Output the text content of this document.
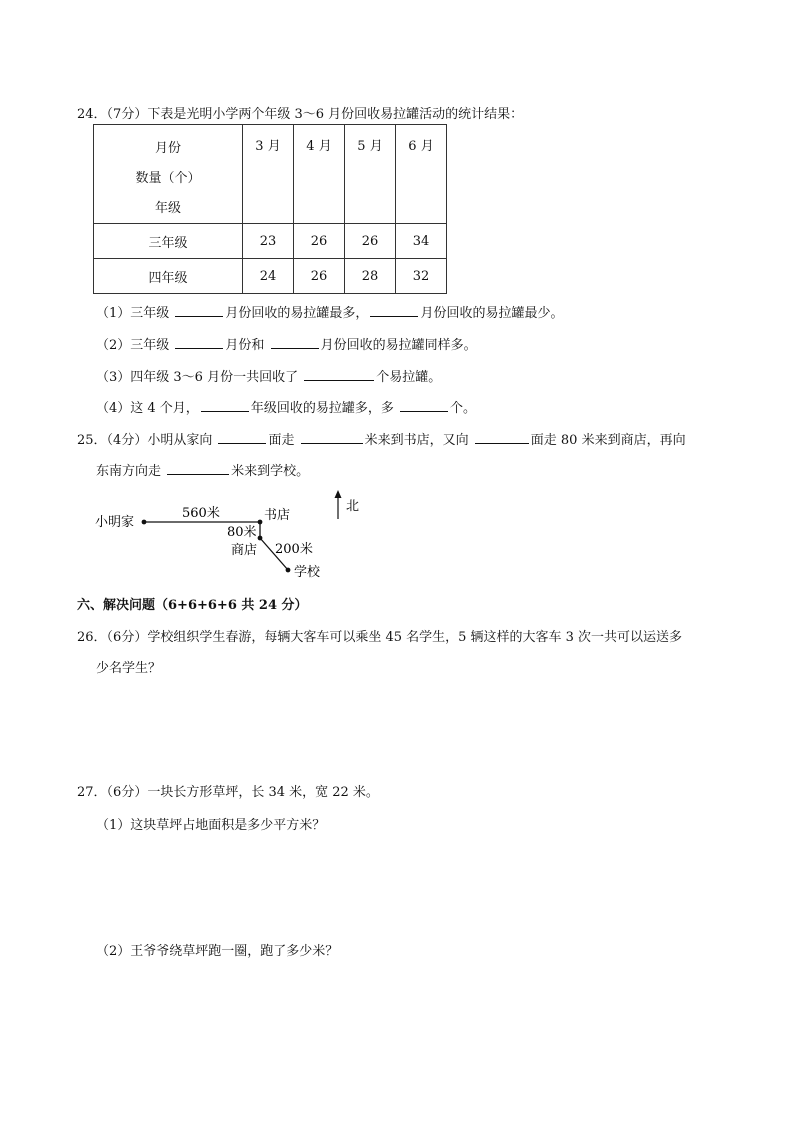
24．（7分）下表是光明小学两个年级 3～6 月份回收易拉罐活动的统计结果：
月份
数量（个）
年级	3 月	4 月	5 月	6 月

三年级	23	26	26	34
四年级	24	26	28	32
（1）三年级	月份回收的易拉罐最多，	月份回收的易拉罐最少。
（2）三年级	月份和	月份回收的易拉罐同样多。
（3）四年级 3～6 月份一共回收了	个易拉罐。
（4）这 4 个月，	年级回收的易拉罐多，多	个。
25．（4分）小明从家向	面走	米来到书店，又向	面走 80 米来到商店，再向
东南方向走	米来到学校。
小明家
560米	书店
80米
商店 200米
学校
北
六、解决问题（6+6+6+6 共 24 分）
26．（6分）学校组织学生春游，每辆大客车可以乘坐 45 名学生，5 辆这样的大客车 3 次一共可以运送多
少名学生？
27．（6分）一块长方形草坪，长 34 米，宽 22 米。
（1）这块草坪占地面积是多少平方米？
（2）王爷爷绕草坪跑一圈，跑了多少米？
